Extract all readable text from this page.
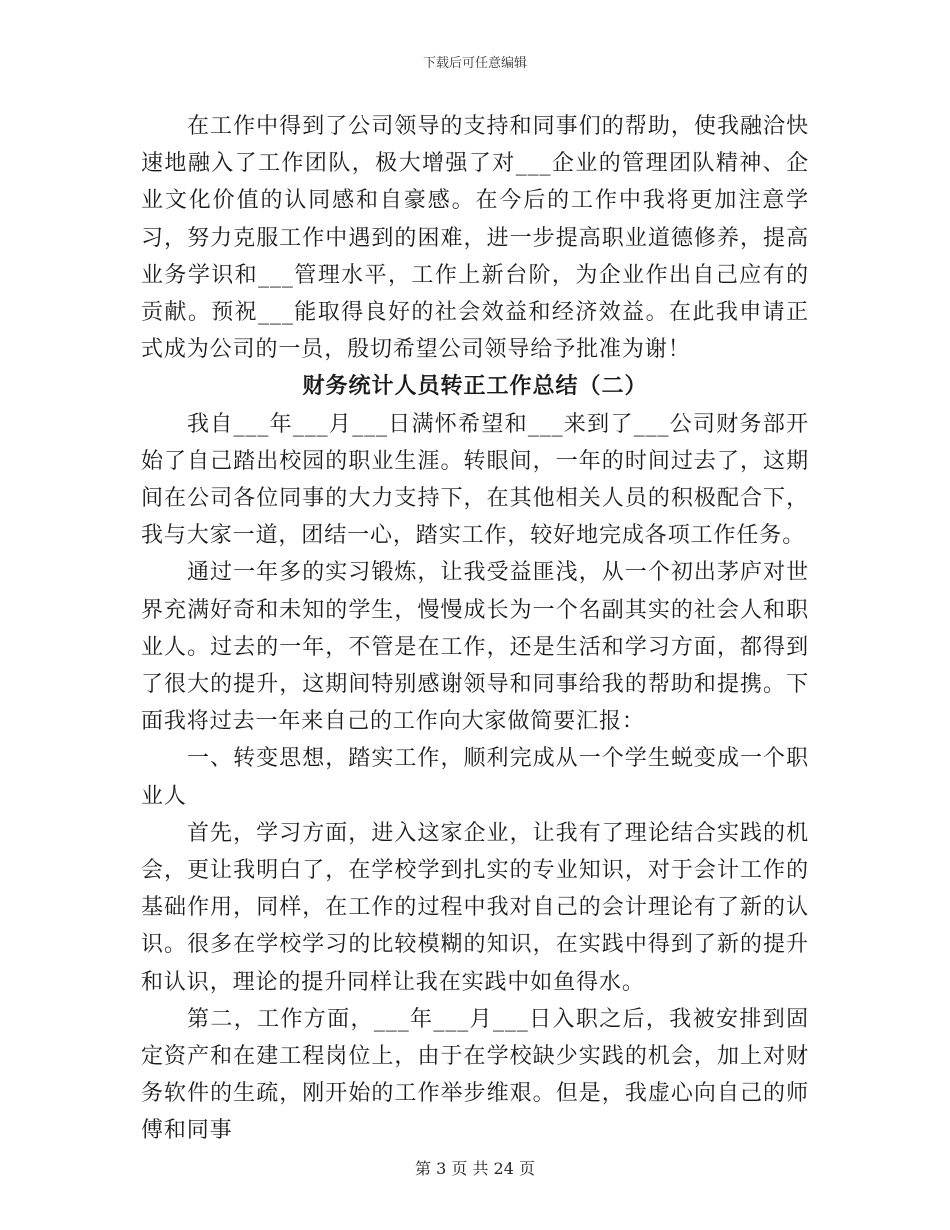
下载后可任意编辑

在工作中得到了公司领导的支持和同事们的帮助，使我融洽快速地融入了工作团队，极大增强了对___企业的管理团队精神、企业文化价值的认同感和自豪感。在今后的工作中我将更加注意学习，努力克服工作中遇到的困难，进一步提高职业道德修养，提高业务学识和___管理水平，工作上新台阶，为企业作出自己应有的贡献。预祝___能取得良好的社会效益和经济效益。在此我申请正式成为公司的一员，殷切希望公司领导给予批准为谢！

财务统计人员转正工作总结（二）

我自___年___月___日满怀希望和___来到了___公司财务部开始了自己踏出校园的职业生涯。转眼间，一年的时间过去了，这期间在公司各位同事的大力支持下，在其他相关人员的积极配合下，我与大家一道，团结一心，踏实工作，较好地完成各项工作任务。

通过一年多的实习锻炼，让我受益匪浅，从一个初出茅庐对世界充满好奇和未知的学生，慢慢成长为一个名副其实的社会人和职业人。过去的一年，不管是在工作，还是生活和学习方面，都得到了很大的提升，这期间特别感谢领导和同事给我的帮助和提携。下面我将过去一年来自己的工作向大家做简要汇报：

一、转变思想，踏实工作，顺利完成从一个学生蜕变成一个职业人

首先，学习方面，进入这家企业，让我有了理论结合实践的机会，更让我明白了，在学校学到扎实的专业知识，对于会计工作的基础作用，同样，在工作的过程中我对自己的会计理论有了新的认识。很多在学校学习的比较模糊的知识，在实践中得到了新的提升和认识，理论的提升同样让我在实践中如鱼得水。

第二，工作方面，___年___月___日入职之后，我被安排到固定资产和在建工程岗位上，由于在学校缺少实践的机会，加上对财务软件的生疏，刚开始的工作举步维艰。但是，我虚心向自己的师傅和同事

第 3 页 共 24 页
